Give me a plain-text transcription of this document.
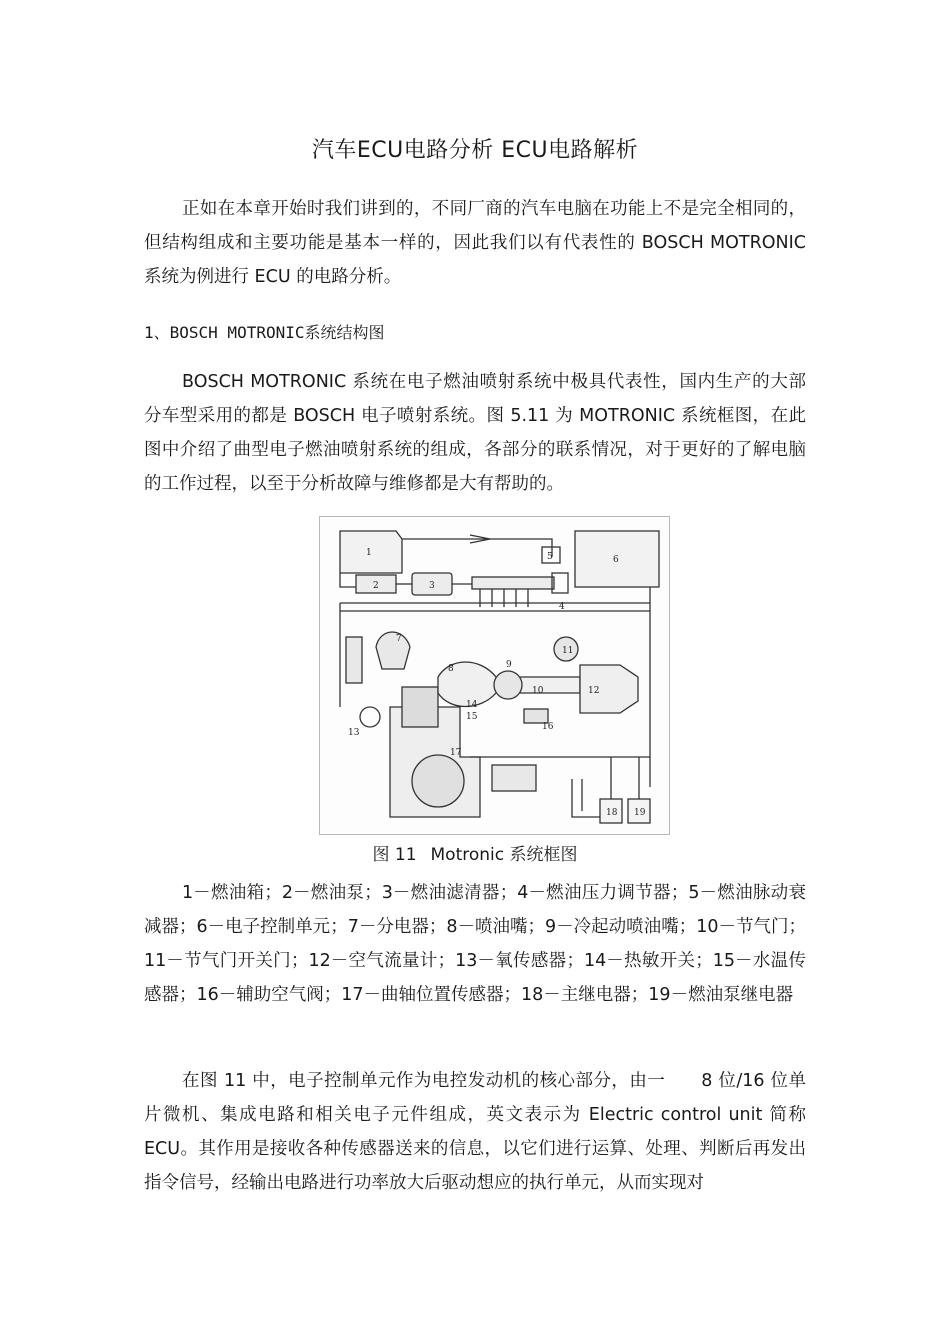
汽车ECU电路分析 ECU电路解析

正如在本章开始时我们讲到的，不同厂商的汽车电脑在功能上不是完全相同的，但结构组成和主要功能是基本一样的，因此我们以有代表性的 BOSCH MOTRONIC 系统为例进行 ECU 的电路分析。

1、BOSCH MOTRONIC系统结构图

BOSCH MOTRONIC 系统在电子燃油喷射系统中极具代表性，国内生产的大部分车型采用的都是 BOSCH 电子喷射系统。图 5.11 为 MOTRONIC 系统框图，在此图中介绍了曲型电子燃油喷射系统的组成，各部分的联系情况，对于更好的了解电脑的工作过程，以至于分析故障与维修都是大有帮助的。

1
2	3
4
5	6
7
8	9
10
11
12
13
14
15
16
17
18 19
图 11 Motronic 系统框图

1－燃油箱；2－燃油泵；3－燃油滤清器；4－燃油压力调节器；5－燃油脉动衰减器；6－电子控制单元；7－分电器；8－喷油嘴；9－冷起动喷油嘴；10－节气门；11－节气门开关门；12－空气流量计；13－氧传感器；14－热敏开关；15－水温传感器；16－辅助空气阀；17－曲轴位置传感器；18－主继电器；19－燃油泵继电器

在图 11 中，电子控制单元作为电控发动机的核心部分，由一　　8 位/16 位单片微机、集成电路和相关电子元件组成，英文表示为 Electric control unit 简称 ECU。其作用是接收各种传感器送来的信息，以它们进行运算、处理、判断后再发出指令信号，经输出电路进行功率放大后驱动想应的执行单元，从而实现对
